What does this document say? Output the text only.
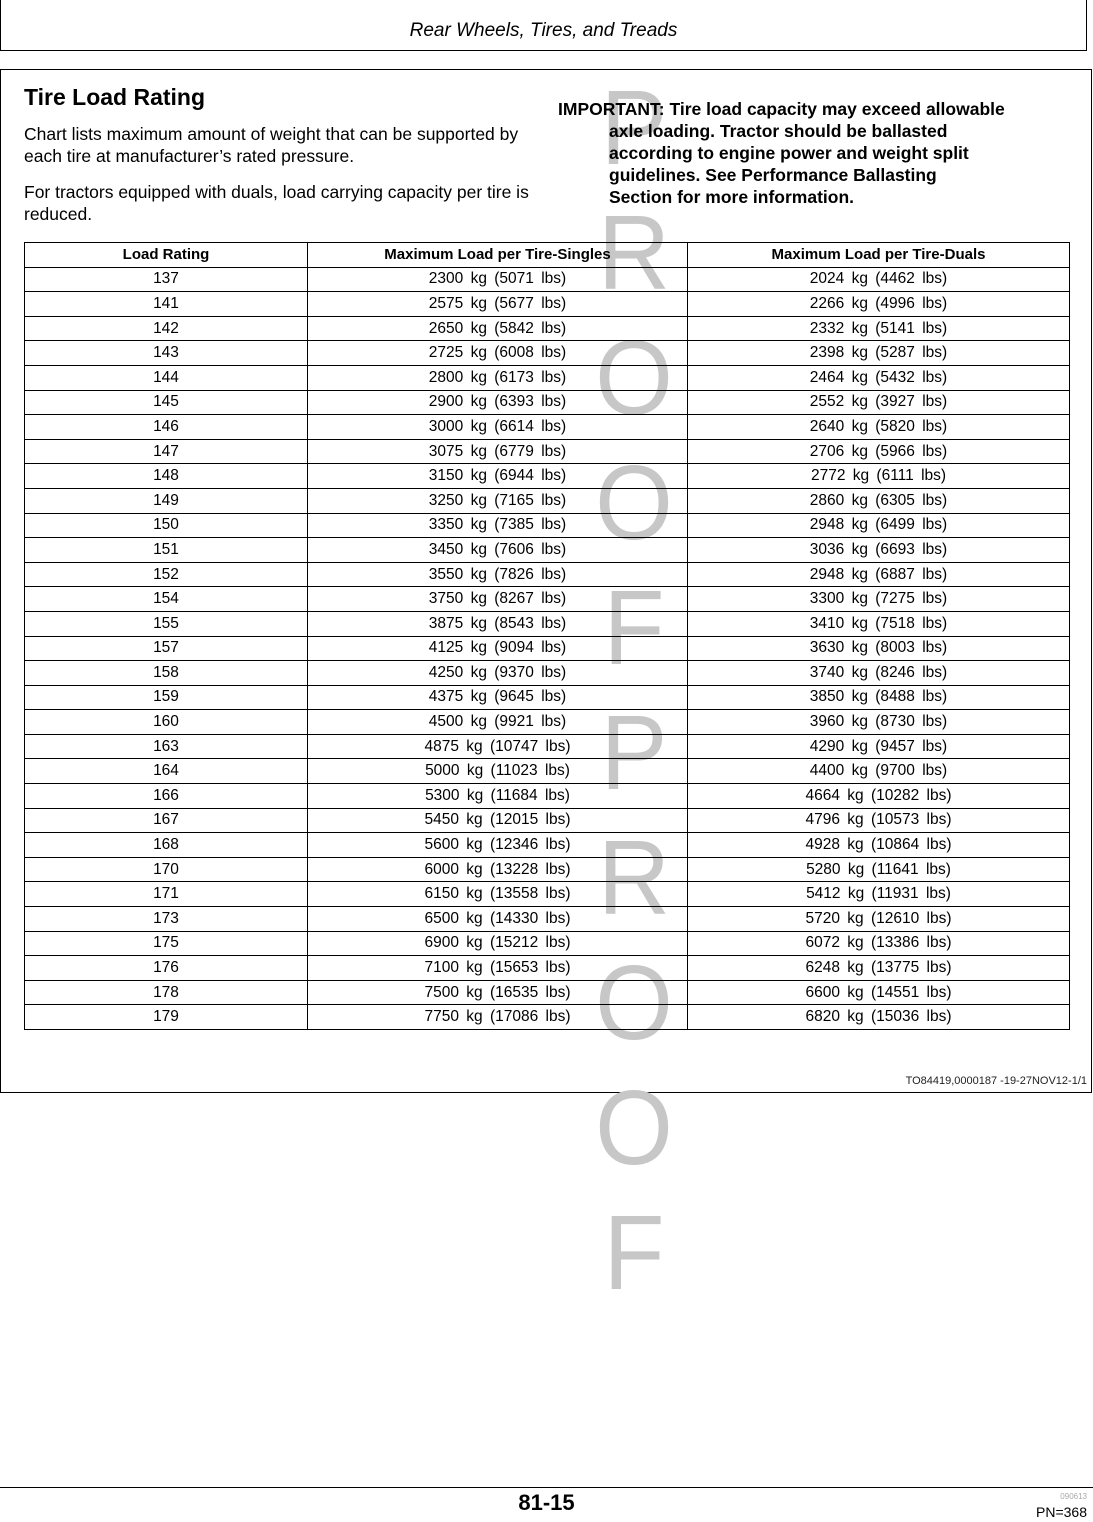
Rear Wheels, Tires, and Treads
P
R
O
O
F
P
R
O
O
F
Tire Load Rating

Chart lists maximum amount of weight that can be supported by each tire at manufacturer’s rated pressure.

For tractors equipped with duals, load carrying capacity per tire is reduced.

IMPORTANT: Tire load capacity may exceed allowable
axle loading. Tractor should be ballasted
according to engine power and weight split
guidelines. See Performance Ballasting
Section for more information.

Load Rating	Maximum Load per Tire-Singles	Maximum Load per Tire-Duals
137	2300 kg (5071 lbs)	2024 kg (4462 lbs)
141	2575 kg (5677 lbs)	2266 kg (4996 lbs)
142	2650 kg (5842 lbs)	2332 kg (5141 lbs)
143	2725 kg (6008 lbs)	2398 kg (5287 lbs)
144	2800 kg (6173 lbs)	2464 kg (5432 lbs)
145	2900 kg (6393 lbs)	2552 kg (3927 lbs)
146	3000 kg (6614 lbs)	2640 kg (5820 lbs)
147	3075 kg (6779 lbs)	2706 kg (5966 lbs)
148	3150 kg (6944 lbs)	2772 kg (6111 lbs)
149	3250 kg (7165 lbs)	2860 kg (6305 lbs)
150	3350 kg (7385 lbs)	2948 kg (6499 lbs)
151	3450 kg (7606 lbs)	3036 kg (6693 lbs)
152	3550 kg (7826 lbs)	2948 kg (6887 lbs)
154	3750 kg (8267 lbs)	3300 kg (7275 lbs)
155	3875 kg (8543 lbs)	3410 kg (7518 lbs)
157	4125 kg (9094 lbs)	3630 kg (8003 lbs)
158	4250 kg (9370 lbs)	3740 kg (8246 lbs)
159	4375 kg (9645 lbs)	3850 kg (8488 lbs)
160	4500 kg (9921 lbs)	3960 kg (8730 lbs)
163	4875 kg (10747 lbs)	4290 kg (9457 lbs)
164	5000 kg (11023 lbs)	4400 kg (9700 lbs)
166	5300 kg (11684 lbs)	4664 kg (10282 lbs)
167	5450 kg (12015 lbs)	4796 kg (10573 lbs)
168	5600 kg (12346 lbs)	4928 kg (10864 lbs)
170	6000 kg (13228 lbs)	5280 kg (11641 lbs)
171	6150 kg (13558 lbs)	5412 kg (11931 lbs)
173	6500 kg (14330 lbs)	5720 kg (12610 lbs)
175	6900 kg (15212 lbs)	6072 kg (13386 lbs)
176	7100 kg (15653 lbs)	6248 kg (13775 lbs)
178	7500 kg (16535 lbs)	6600 kg (14551 lbs)
179	7750 kg (17086 lbs)	6820 kg (15036 lbs)
TO84419,0000187 -19-27NOV12-1/1
81-15	090613
PN=368
